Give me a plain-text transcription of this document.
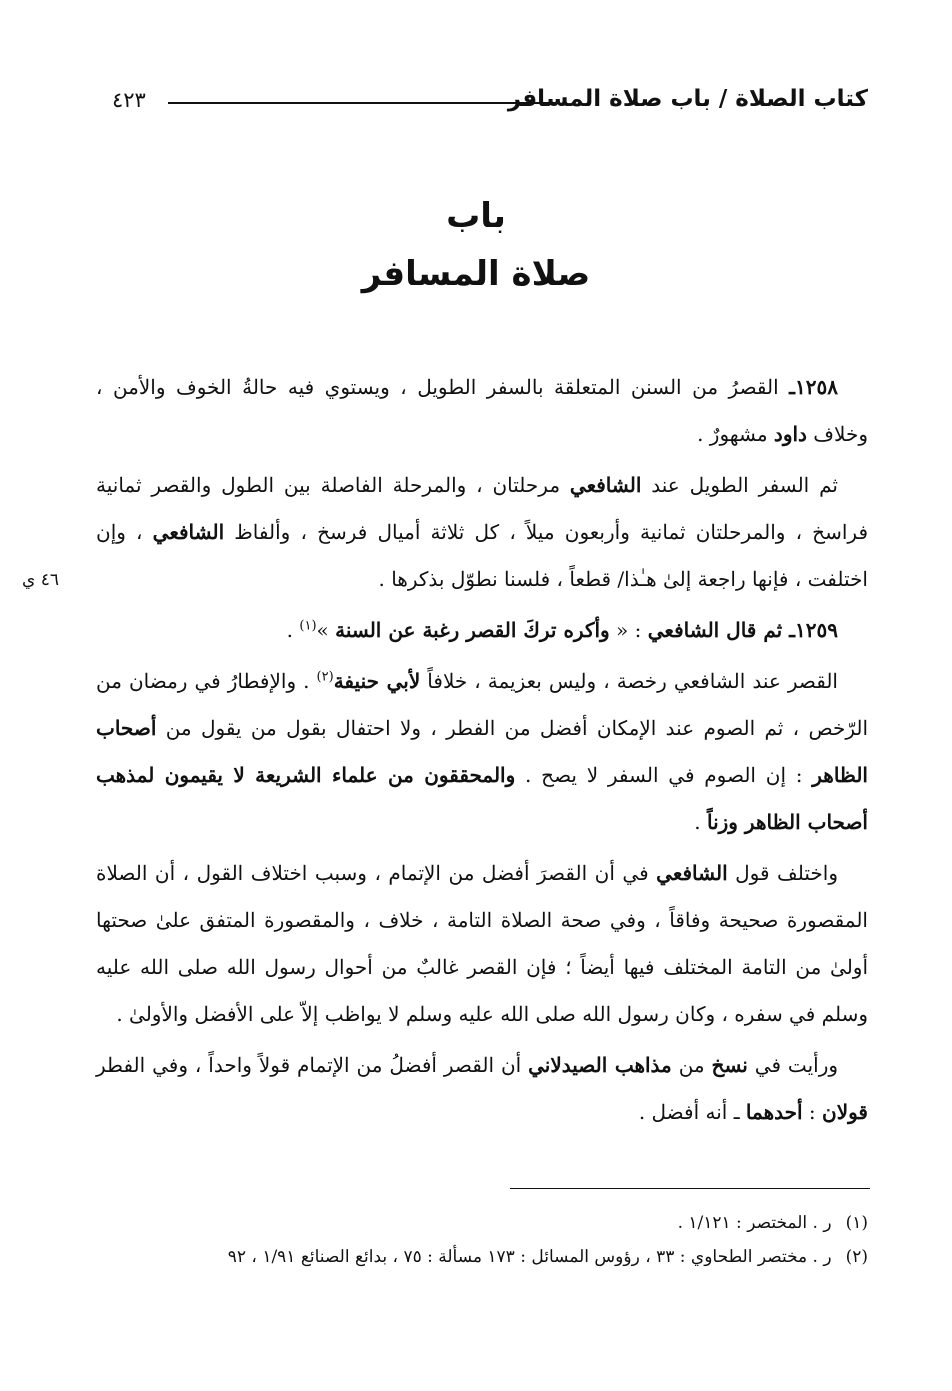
كتاب الصلاة / باب صلاة المسافر
٤٢٣
باب
صلاة المسافر
٤٦ ي

١٢٥٨ـ القصرُ من السنن المتعلقة بالسفر الطويل ، ويستوي فيه حالةُ الخوف والأمن ، وخلاف داود مشهورٌ .

ثم السفر الطويل عند الشافعي مرحلتان ، والمرحلة الفاصلة بين الطول والقصر ثمانية فراسخ ، والمرحلتان ثمانية وأربعون ميلاً ، كل ثلاثة أميال فرسخ ، وألفاظ الشافعي ، وإن اختلفت ، فإنها راجعة إلىٰ هـٰذا/ قطعاً ، فلسنا نطوّل بذكرها .

١٢٥٩ـ ثم قال الشافعي : « وأكره تركَ القصر رغبة عن السنة »$^{(١)}$ .

القصر عند الشافعي رخصة ، وليس بعزيمة ، خلافاً لأبي حنيفة$^{(٢)}$ . والإفطارُ في رمضان من الرّخص ، ثم الصوم عند الإمكان أفضل من الفطر ، ولا احتفال بقول من يقول من أصحاب الظاهر : إن الصوم في السفر لا يصح . والمحققون من علماء الشريعة لا يقيمون لمذهب أصحاب الظاهر وزناً .

واختلف قول الشافعي في أن القصرَ أفضل من الإتمام ، وسبب اختلاف القول ، أن الصلاة المقصورة صحيحة وفاقاً ، وفي صحة الصلاة التامة ، خلاف ، والمقصورة المتفق علىٰ صحتها أولىٰ من التامة المختلف فيها أيضاً ؛ فإن القصر غالبٌ من أحوال رسول الله صلى الله عليه وسلم في سفره ، وكان رسول الله صلى الله عليه وسلم لا يواظب إلاّ على الأفضل والأولىٰ .

ورأيت في نسخ من مذاهب الصيدلاني أن القصر أفضلُ من الإتمام قولاً واحداً ، وفي الفطر قولان : أحدهما ـ أنه أفضل .

(١)ر . المختصر : ١/١٢١ .

(٢)ر . مختصر الطحاوي : ٣٣ ، رؤوس المسائل : ١٧٣ مسألة : ٧٥ ، بدائع الصنائع ١/٩١ ، ٩٢
